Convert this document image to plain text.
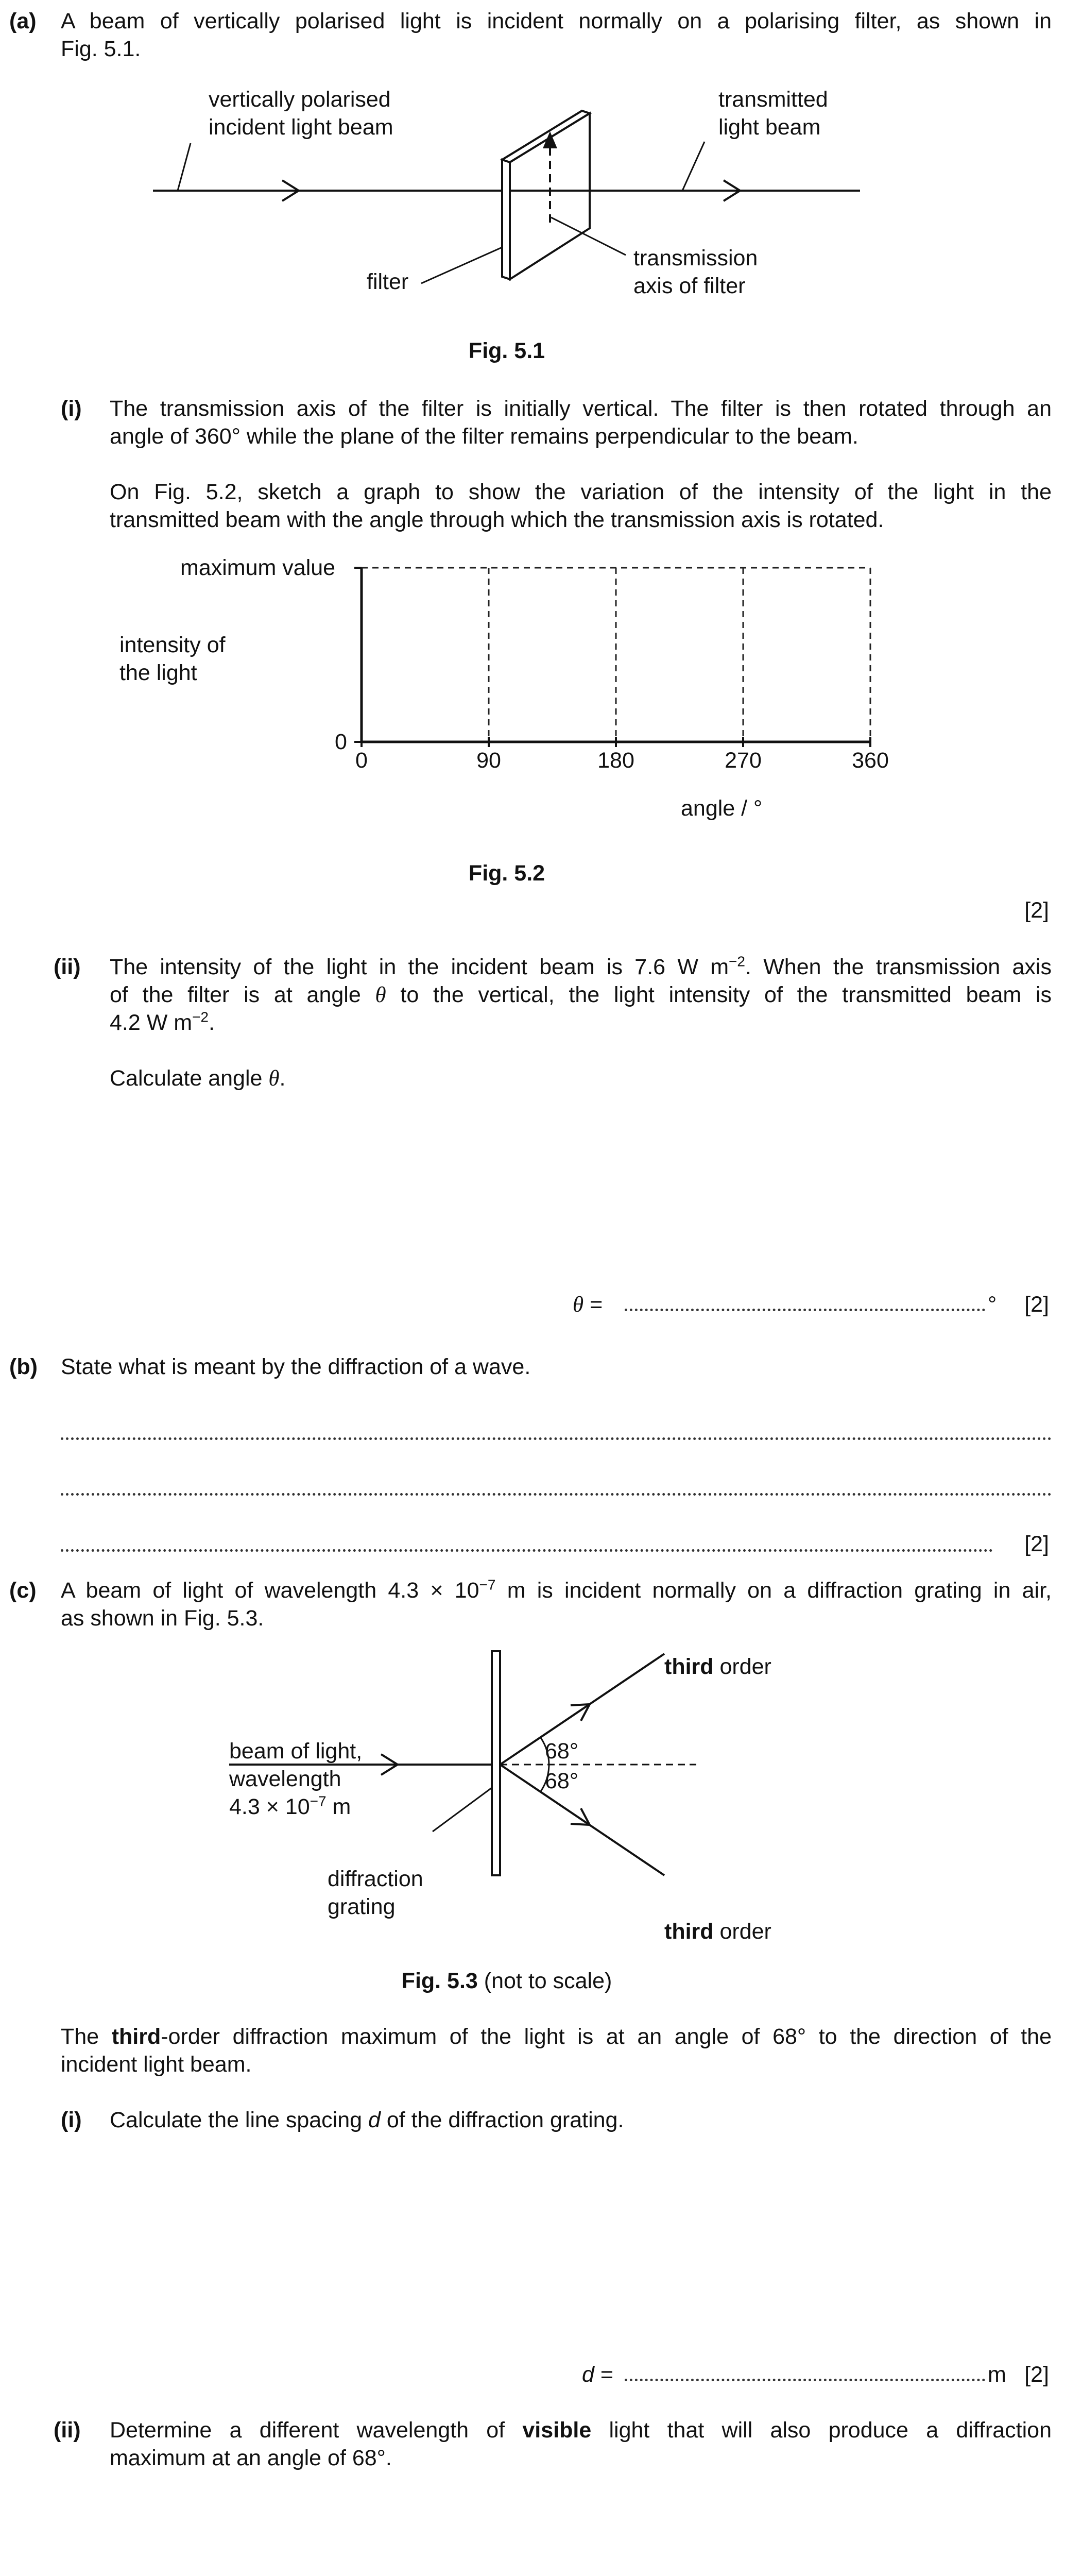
(a) A beam of vertically polarised light is incident normally on a polarising filter, as shown in
Fig. 5.1.
vertically polarised
incident light beam
transmitted
light beam
filter
transmission
axis of filter
Fig. 5.1
(i) The transmission axis of the filter is initially vertical. The filter is then rotated through an
angle of 360° while the plane of the filter remains perpendicular to the beam.
On Fig. 5.2, sketch a graph to show the variation of the intensity of the light in the
transmitted beam with the angle through which the transmission axis is rotated.
0	90	180	270	360
maximum value
0
intensity of
the light
angle / °
Fig. 5.2
[2]
(ii) The intensity of the light in the incident beam is 7.6 W $m^{-2}$. When the transmission axis
of the filter is at angle θ to the vertical, the light intensity of the transmitted beam is
4.2 W $m^{-2}$.
Calculate angle θ.
θ =	° [2]
(b) State what is meant by the diffraction of a wave.
[2]
(c) A beam of light of wavelength $4.3 \times 10^{-7}$ m is incident normally on a diffraction grating in air,
as shown in Fig. 5.3.
third order
third order
beam of light,
wavelength
$4.3 \times 10^{-7}$ m
68°
68°
diffraction
grating
Fig. 5.3 (not to scale)
The third-order diffraction maximum of the light is at an angle of 68° to the direction of the
incident light beam.
(i) Calculate the line spacing d of the diffraction grating.
d =	m [2]
(ii) Determine a different wavelength of visible light that will also produce a diffraction
maximum at an angle of 68°.
